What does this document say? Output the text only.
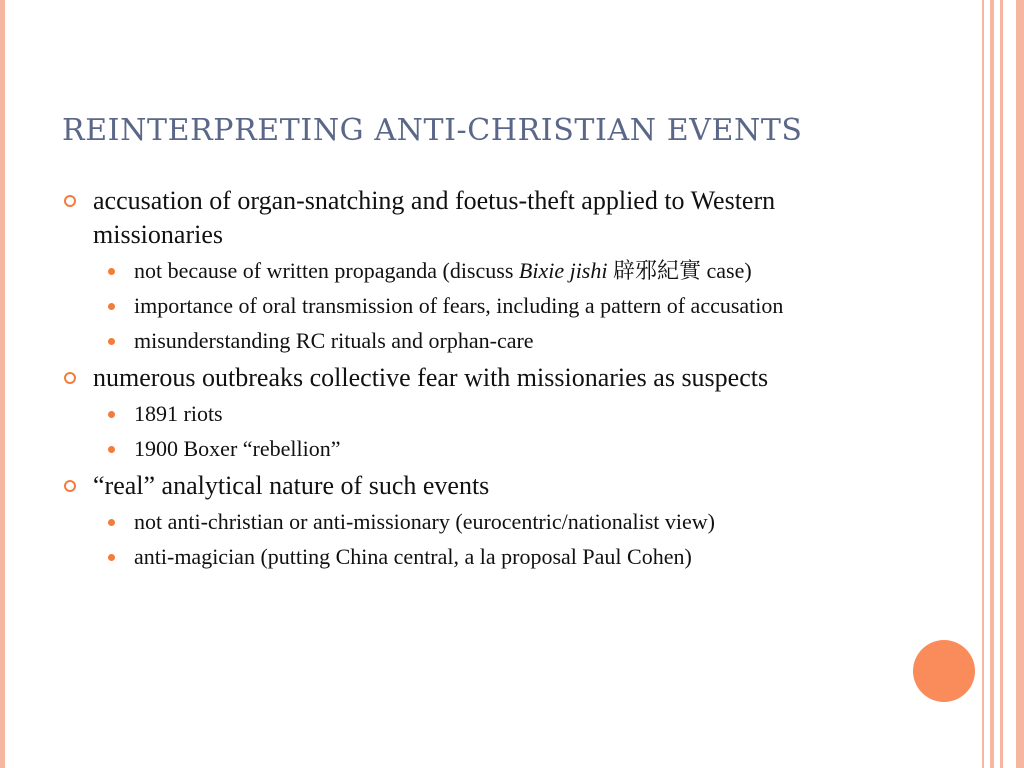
REINTERPRETING ANTI-CHRISTIAN EVENTS
accusation of organ-snatching and foetus-theft applied to Western missionaries
not because of written propaganda (discuss Bixie jishi 辟邪紀實 case)
importance of oral transmission of fears, including a pattern of accusation
misunderstanding RC rituals and orphan-care
numerous outbreaks collective fear with missionaries as suspects
1891 riots
1900 Boxer “rebellion”
“real” analytical nature of such events
not anti-christian or anti-missionary (eurocentric/nationalist view)
anti-magician (putting China central, a la proposal Paul Cohen)
